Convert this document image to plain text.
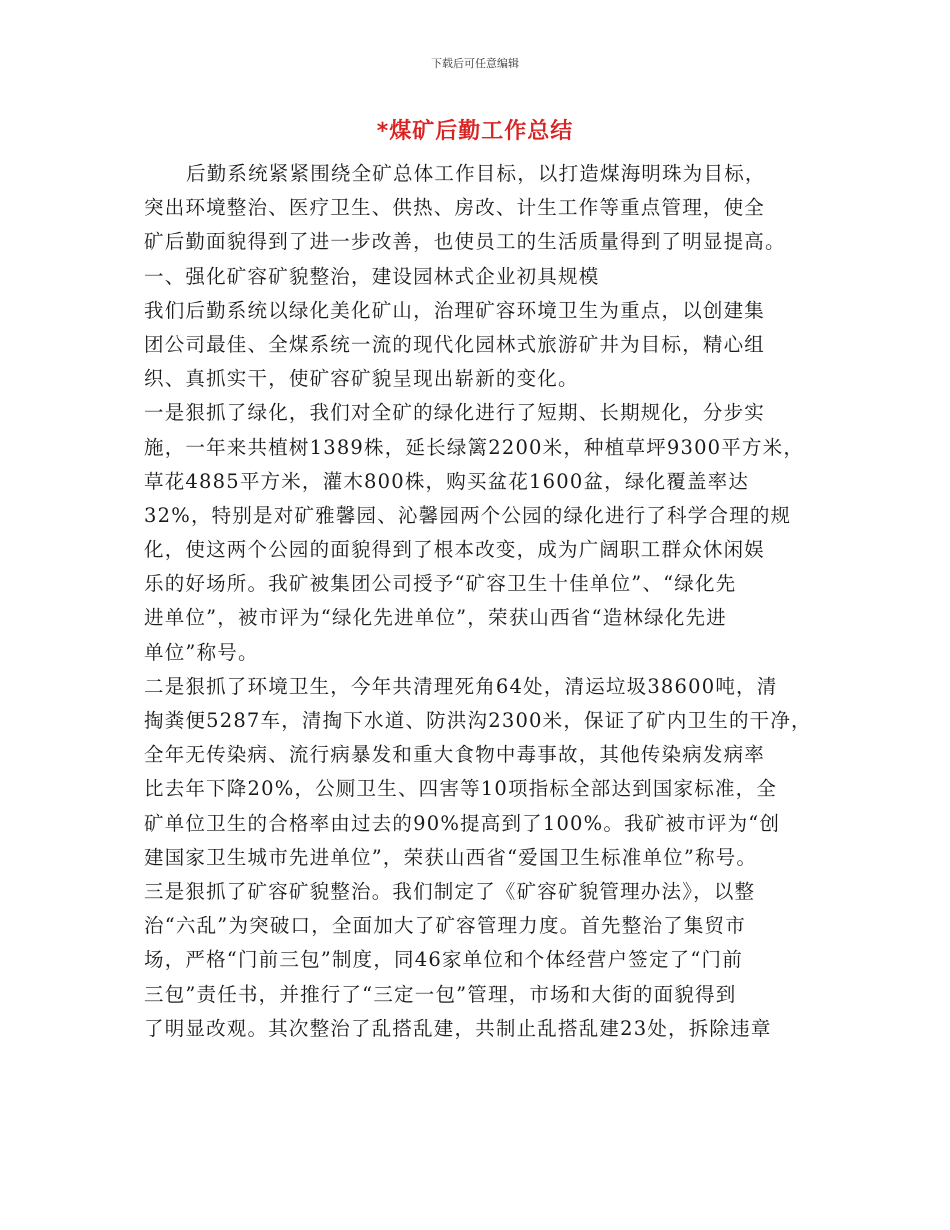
下载后可任意编辑
*煤矿后勤工作总结
后勤系统紧紧围绕全矿总体工作目标，以打造煤海明珠为目标，
突出环境整治、医疗卫生、供热、房改、计生工作等重点管理，使全
矿后勤面貌得到了进一步改善，也使员工的生活质量得到了明显提高。
一、强化矿容矿貌整治，建设园林式企业初具规模
我们后勤系统以绿化美化矿山，治理矿容环境卫生为重点，以创建集
团公司最佳、全煤系统一流的现代化园林式旅游矿井为目标，精心组
织、真抓实干，使矿容矿貌呈现出崭新的变化。
一是狠抓了绿化，我们对全矿的绿化进行了短期、长期规化，分步实
施，一年来共植树1389株，延长绿篱2200米，种植草坪9300平方米，
草花4885平方米，灌木800株，购买盆花1600盆，绿化覆盖率达
32%，特别是对矿雅馨园、沁馨园两个公园的绿化进行了科学合理的规
化，使这两个公园的面貌得到了根本改变，成为广阔职工群众休闲娱
乐的好场所。我矿被集团公司授予“矿容卫生十佳单位”、“绿化先
进单位”，被市评为“绿化先进单位”，荣获山西省“造林绿化先进
单位”称号。
二是狠抓了环境卫生，今年共清理死角64处，清运垃圾38600吨，清
掏粪便5287车，清掏下水道、防洪沟2300米，保证了矿内卫生的干净，
全年无传染病、流行病暴发和重大食物中毒事故，其他传染病发病率
比去年下降20%，公厕卫生、四害等10项指标全部达到国家标准，全
矿单位卫生的合格率由过去的90%提高到了100%。我矿被市评为“创
建国家卫生城市先进单位”，荣获山西省“爱国卫生标准单位”称号。
三是狠抓了矿容矿貌整治。我们制定了《矿容矿貌管理办法》，以整
治“六乱”为突破口，全面加大了矿容管理力度。首先整治了集贸市
场，严格“门前三包”制度，同46家单位和个体经营户签定了“门前
三包”责任书，并推行了“三定一包”管理，市场和大街的面貌得到
了明显改观。其次整治了乱搭乱建，共制止乱搭乱建23处，拆除违章
